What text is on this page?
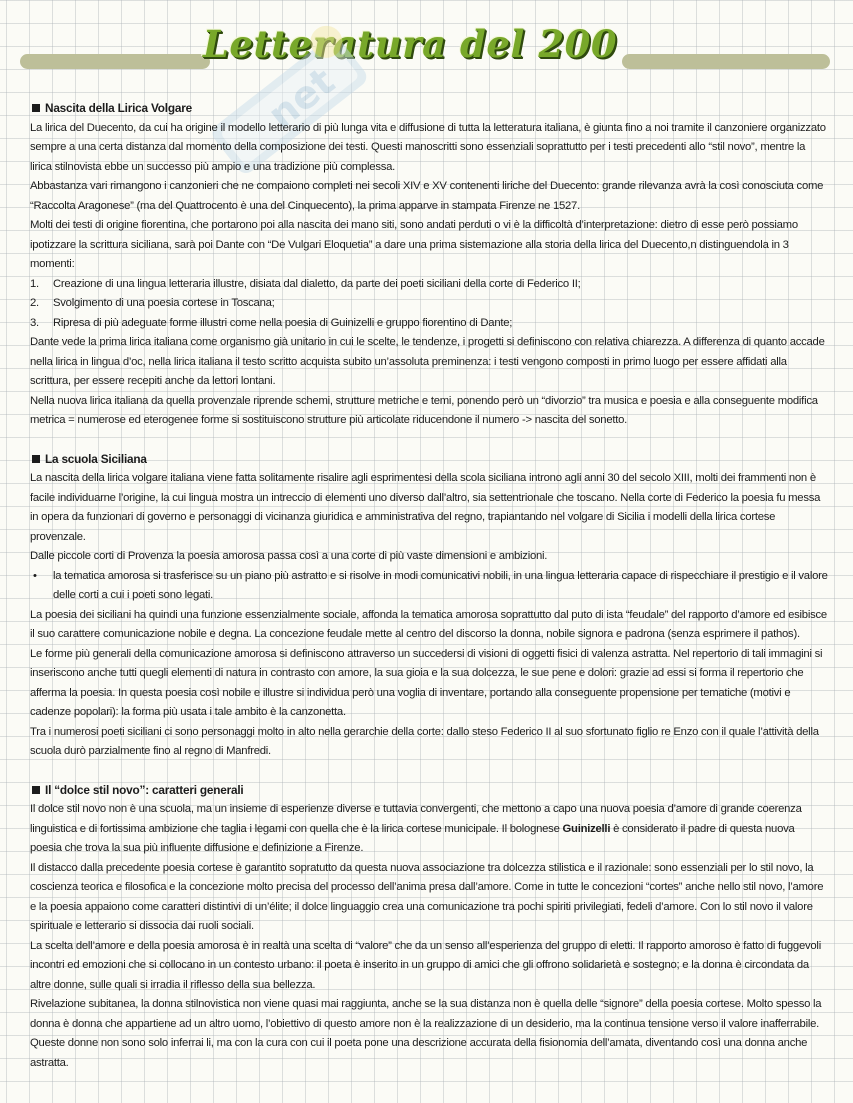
Letteratura del 200
net
Nascita della Lirica Volgare

La lirica del Duecento, da cui ha origine il modello letterario di più lunga vita e diffusione di tutta la letteratura italiana, è giunta fino a noi tramite il canzoniere organizzato sempre a una certa distanza dal momento della composizione dei testi. Questi manoscritti sono essenziali soprattutto per i testi precedenti allo “stil novo”, mentre la lirica stilnovista ebbe un successo più ampio e una tradizione più complessa.

Abbastanza vari rimangono i canzonieri che ne compaiono completi nei secoli XIV e XV contenenti liriche del Duecento: grande rilevanza avrà la così conosciuta come “Raccolta Aragonese” (ma del Quattrocento è una del Cinquecento), la prima apparve in stampata Firenze ne 1527.

Molti dei testi di origine fiorentina, che portarono poi alla nascita dei mano siti, sono andati perduti o vi è la difficoltà d’interpretazione: dietro di esse però possiamo ipotizzare la scrittura siciliana, sarà poi Dante con “De Vulgari Eloquetia” a dare una prima sistemazione alla storia della lirica del Duecento,n distinguendola in 3 momenti:

1. Creazione di una lingua letteraria illustre, disiata dal dialetto, da parte dei poeti siciliani della corte di Federico II;
2. Svolgimento di una poesia cortese in Toscana;
3. Ripresa di più adeguate forme illustri come nella poesia di Guinizelli e gruppo fiorentino di Dante;

Dante vede la prima lirica italiana come organismo già unitario in cui le scelte, le tendenze, i progetti si definiscono con relativa chiarezza. A differenza di quanto accade nella lirica in lingua d’oc, nella lirica italiana il testo scritto acquista subito un’assoluta preminenza: i testi vengono composti in primo luogo per essere affidati alla scrittura, per essere recepiti anche da lettori lontani.

Nella nuova lirica italiana da quella provenzale riprende schemi, strutture metriche e temi, ponendo però un “divorzio” tra musica e poesia e alla conseguente modifica metrica = numerose ed eterogenee forme si sostituiscono strutture più articolate riducendone il numero -> nascita del sonetto.

La scuola Siciliana

La nascita della lirica volgare italiana viene fatta solitamente risalire agli esprimentesi della scola siciliana introno agli anni 30 del secolo XIII, molti dei frammenti non è facile individuarne l’origine, la cui lingua mostra un intreccio di elementi uno diverso dall’altro, sia settentrionale che toscano. Nella corte di Federico la poesia fu messa in opera da funzionari di governo e personaggi di vicinanza giuridica e amministrativa del regno, trapiantando nel volgare di Sicilia i modelli della lirica cortese provenzale.

Dalle piccole corti di Provenza la poesia amorosa passa così a una corte di più vaste dimensioni e ambizioni.

• la tematica amorosa si trasferisce su un piano più astratto e si risolve in modi comunicativi nobili, in una lingua letteraria capace di rispecchiare il prestigio e il valore delle corti a cui i poeti sono legati.

La poesia dei siciliani ha quindi una funzione essenzialmente sociale, affonda la tematica amorosa soprattutto dal puto di ista “feudale” del rapporto d’amore ed esibisce il suo carattere comunicazione nobile e degna. La concezione feudale mette al centro del discorso la donna, nobile signora e padrona (senza esprimere il pathos).

Le forme più generali della comunicazione amorosa si definiscono attraverso un succedersi di visioni di oggetti fisici di valenza astratta. Nel repertorio di tali immagini si inseriscono anche tutti quegli elementi di natura in contrasto con amore, la sua gioia e la sua dolcezza, le sue pene e dolori: grazie ad essi si forma il repertorio che afferma la poesia. In questa poesia così nobile e illustre si individua però una voglia di inventare, portando alla conseguente propensione per tematiche (motivi e cadenze popolari): la forma più usata i tale ambito è la canzonetta.

Tra i numerosi poeti siciliani ci sono personaggi molto in alto nella gerarchie della corte: dallo steso Federico II al suo sfortunato figlio re Enzo con il quale l’attività della scuola durò parzialmente fino al regno di Manfredi.

Il “dolce stil novo”: caratteri generali

Il dolce stil novo non è una scuola, ma un insieme di esperienze diverse e tuttavia convergenti, che mettono a capo una nuova poesia d’amore di grande coerenza linguistica e di fortissima ambizione che taglia i legami con quella che è la lirica cortese municipale. Il bolognese Guinizelli è considerato il padre di questa nuova poesia che trova la sua più influente diffusione e definizione a Firenze.

Il distacco dalla precedente poesia cortese è garantito sopratutto da questa nuova associazione tra dolcezza stilistica e il razionale: sono essenziali per lo stil novo, la coscienza teorica e filosofica e la concezione molto precisa del processo dell’anima presa dall’amore. Come in tutte le concezioni “cortes” anche nello stil novo, l’amore e la poesia appaiono come caratteri distintivi di un’élite; il dolce linguaggio crea una comunicazione tra pochi spiriti privilegiati, fedeli d’amore. Con lo stil novo il valore spirituale e letterario si dissocia dai ruoli sociali.

La scelta dell’amore e della poesia amorosa è in realtà una scelta di “valore” che da un senso all’esperienza del gruppo di eletti. Il rapporto amoroso è fatto di fuggevoli incontri ed emozioni che si collocano in un contesto urbano: il poeta è inserito in un gruppo di amici che gli offrono solidarietà e sostegno; e la donna è circondata da altre donne, sulle quali si irradia il riflesso della sua bellezza.

Rivelazione subitanea, la donna stilnovistica non viene quasi mai raggiunta, anche se la sua distanza non è quella delle “signore” della poesia cortese. Molto spesso la donna è donna che appartiene ad un altro uomo, l’obiettivo di questo amore non è la realizzazione di un desiderio, ma la continua tensione verso il valore inafferrabile. Queste donne non sono solo inferrai li, ma con la cura con cui il poeta pone una descrizione accurata della fisionomia dell’amata, diventando così una donna anche astratta.
